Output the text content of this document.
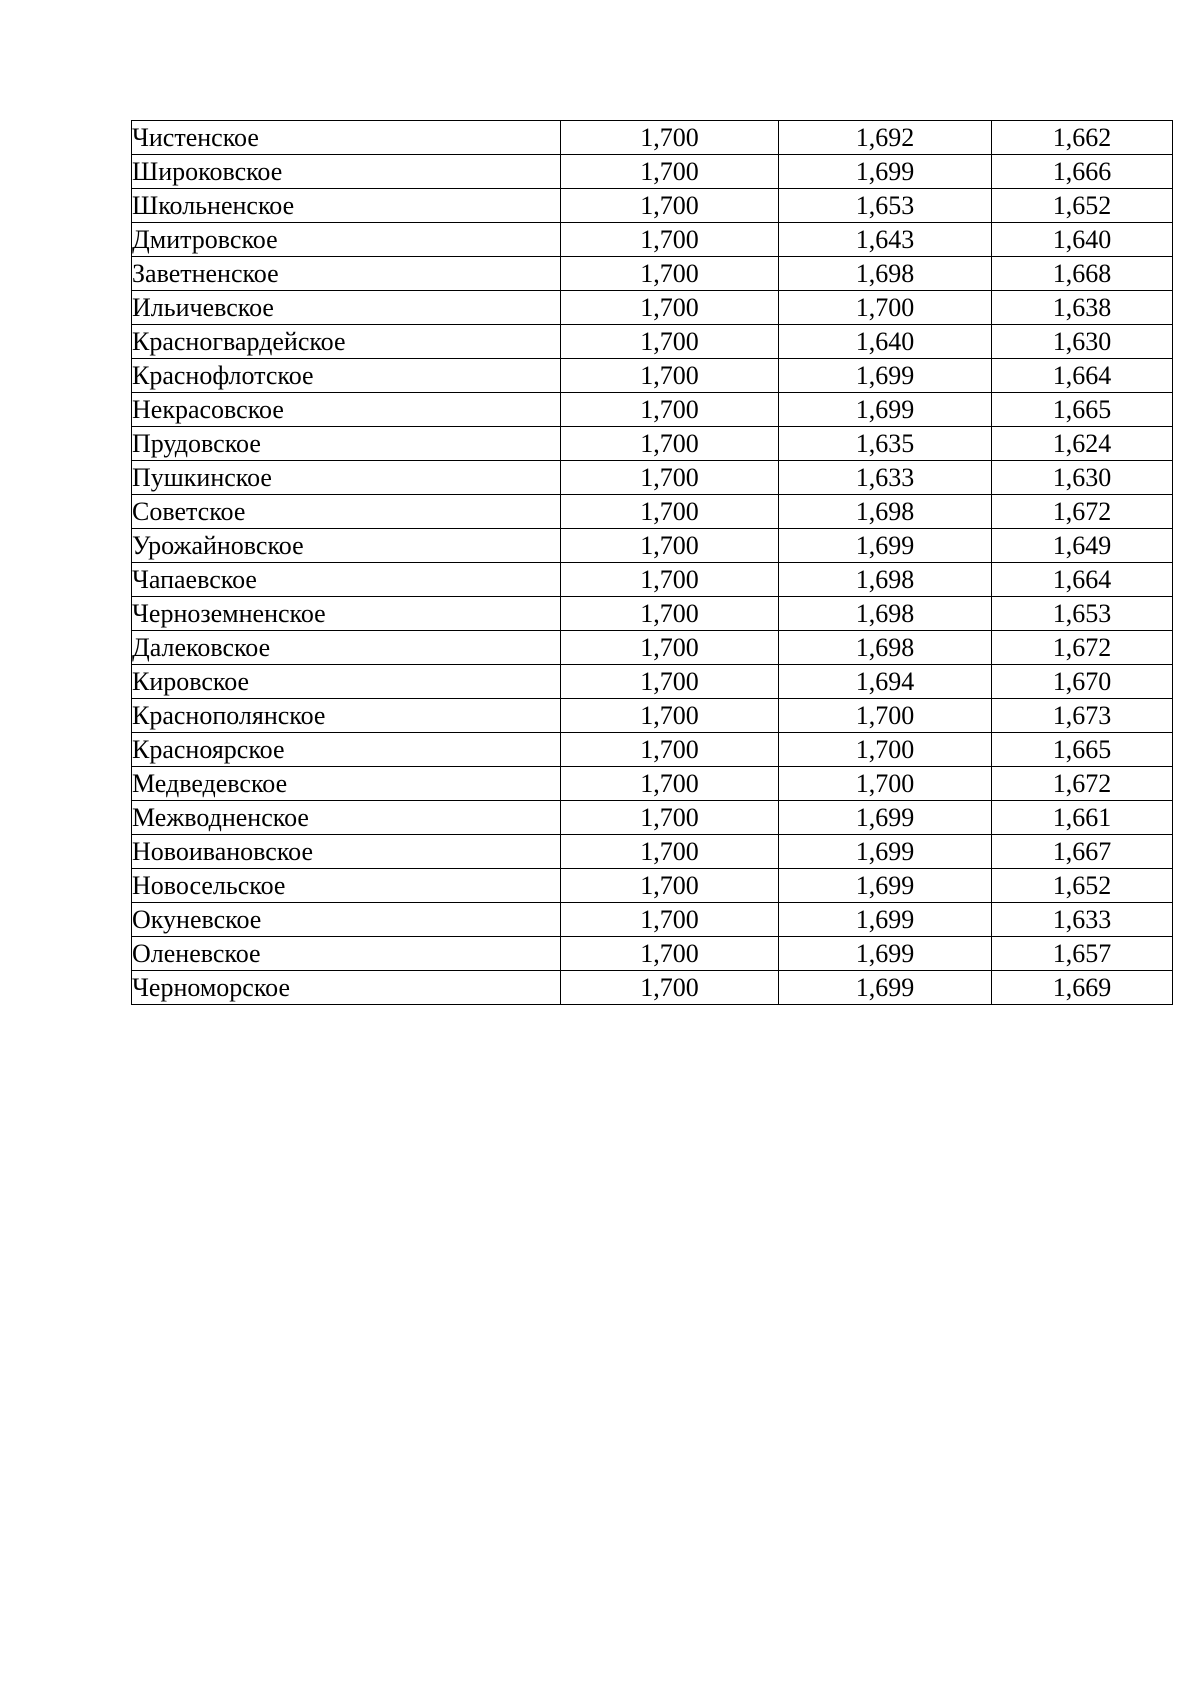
Чистенское	1,700	1,692	1,662
Широковское	1,700	1,699	1,666
Школьненское	1,700	1,653	1,652
Дмитровское	1,700	1,643	1,640
Заветненское	1,700	1,698	1,668
Ильичевское	1,700	1,700	1,638
Красногвардейское	1,700	1,640	1,630
Краснофлотское	1,700	1,699	1,664
Некрасовское	1,700	1,699	1,665
Прудовское	1,700	1,635	1,624
Пушкинское	1,700	1,633	1,630
Советское	1,700	1,698	1,672
Урожайновское	1,700	1,699	1,649
Чапаевское	1,700	1,698	1,664
Черноземненское	1,700	1,698	1,653
Далековское	1,700	1,698	1,672
Кировское	1,700	1,694	1,670
Краснополянское	1,700	1,700	1,673
Красноярское	1,700	1,700	1,665
Медведевское	1,700	1,700	1,672
Межводненское	1,700	1,699	1,661
Новоивановское	1,700	1,699	1,667
Новосельское	1,700	1,699	1,652
Окуневское	1,700	1,699	1,633
Оленевское	1,700	1,699	1,657
Черноморское	1,700	1,699	1,669
